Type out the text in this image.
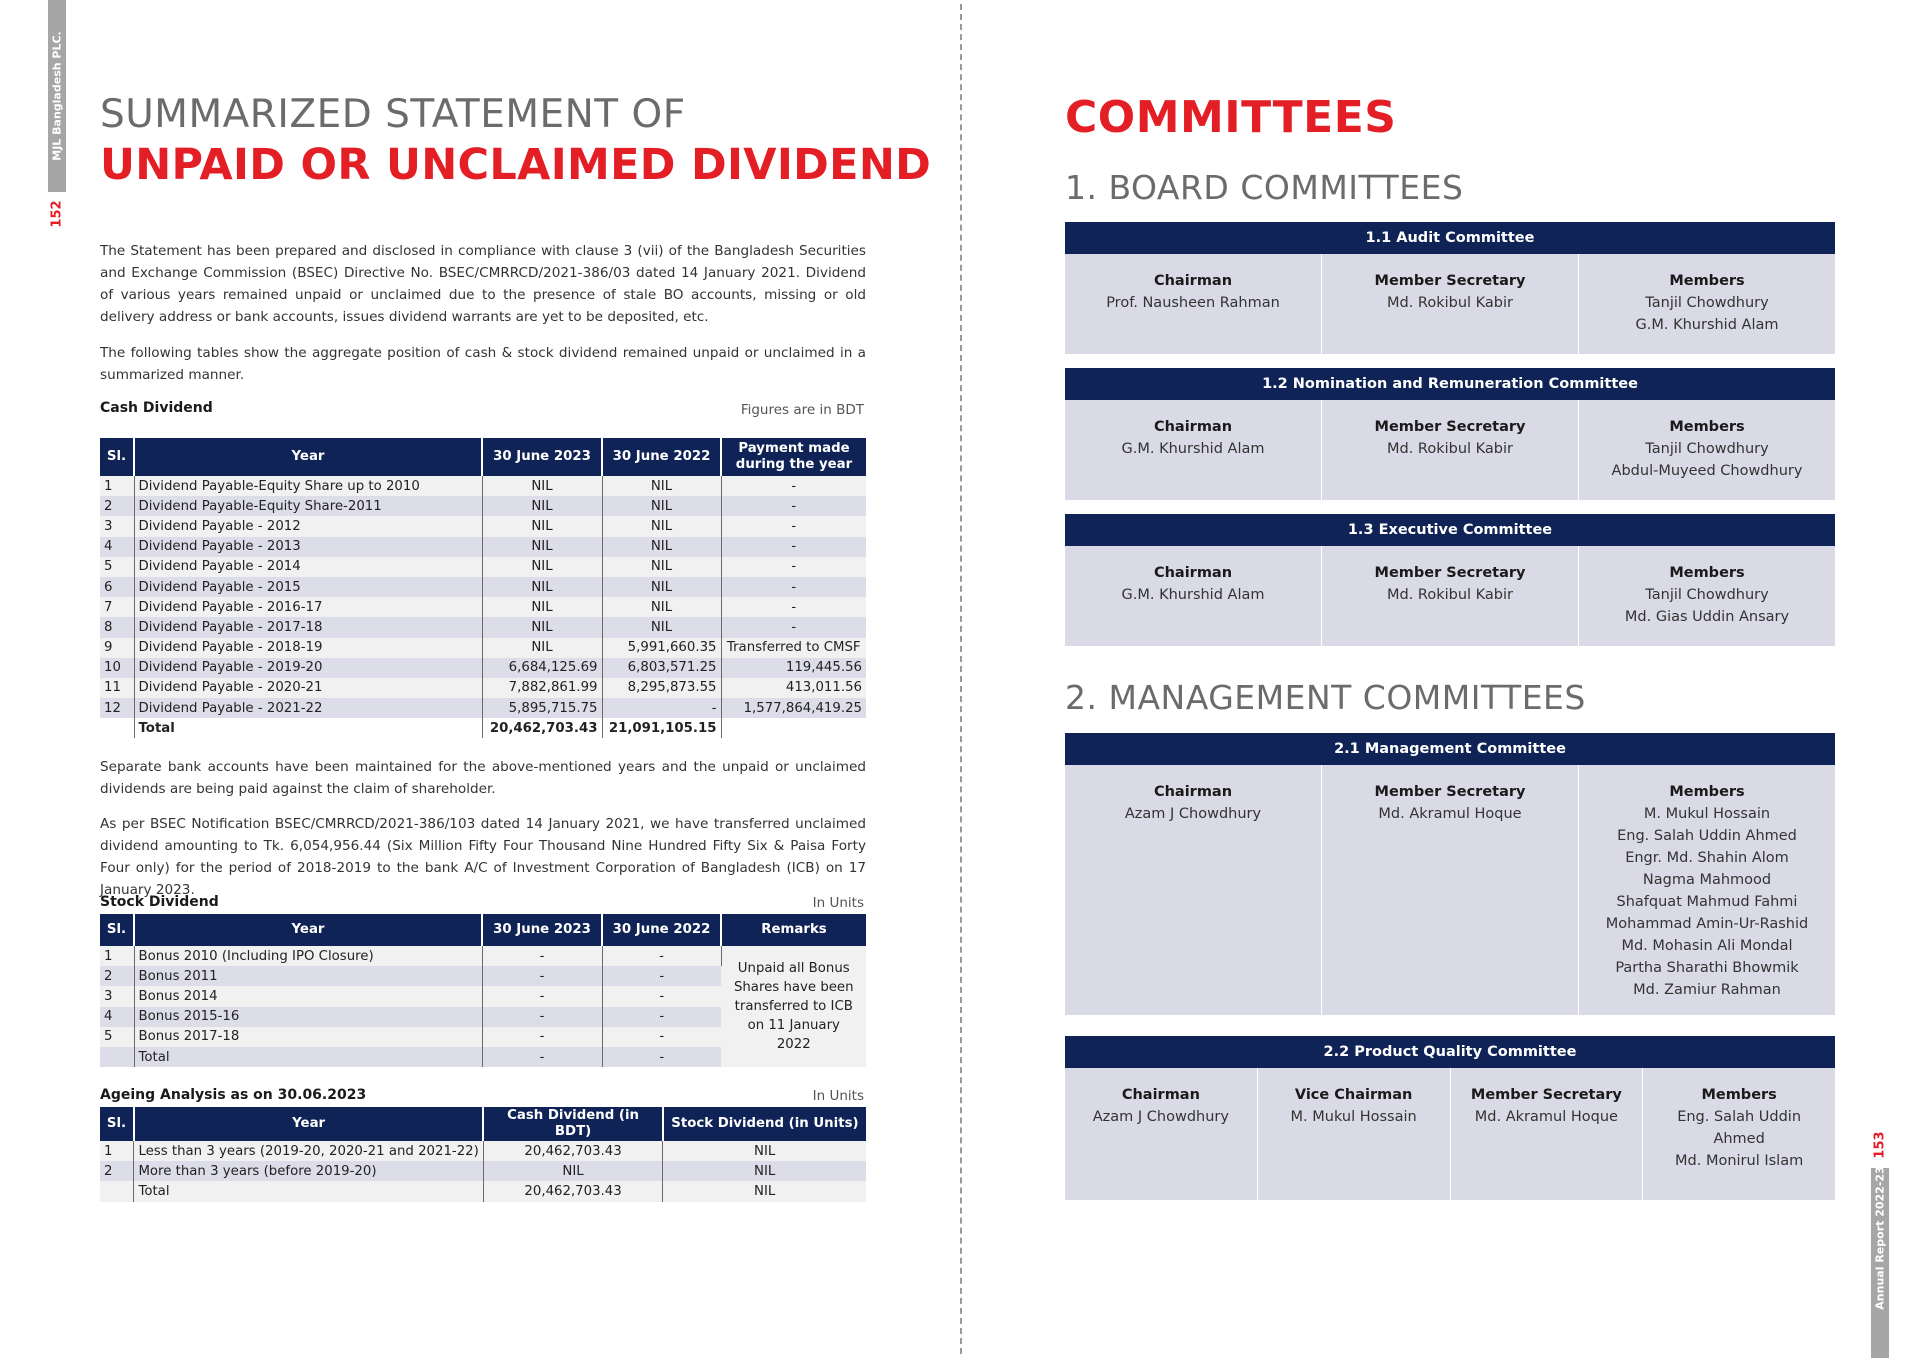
MJL Bangladesh PLC.
152
SUMMARIZED STATEMENT OF
UNPAID OR UNCLAIMED DIVIDEND
The Statement has been prepared and disclosed in compliance with clause 3 (vii) of the Bangladesh Securities and Exchange Commission (BSEC) Directive No. BSEC/CMRRCD/2021-386/03 dated 14 January 2021. Dividend of various years remained unpaid or unclaimed due to the presence of stale BO accounts, missing or old delivery address or bank accounts, issues dividend warrants are yet to be deposited, etc.
The following tables show the aggregate position of cash & stock dividend remained unpaid or unclaimed in a summarized manner.
Cash Dividend	Figures are in BDT
Sl.	Year	30 June 2023	30 June 2022	Payment made during the year
1	Dividend Payable-Equity Share up to 2010	NIL	NIL	-
2	Dividend Payable-Equity Share-2011	NIL	NIL	-
3	Dividend Payable - 2012	NIL	NIL	-
4	Dividend Payable - 2013	NIL	NIL	-
5	Dividend Payable - 2014	NIL	NIL	-
6	Dividend Payable - 2015	NIL	NIL	-
7	Dividend Payable - 2016-17	NIL	NIL	-
8	Dividend Payable - 2017-18	NIL	NIL	-
9	Dividend Payable - 2018-19	NIL	5,991,660.35	Transferred to CMSF
10	Dividend Payable - 2019-20	6,684,125.69	6,803,571.25	119,445.56
11	Dividend Payable - 2020-21	7,882,861.99	8,295,873.55	413,011.56
12	Dividend Payable - 2021-22	5,895,715.75	-	1,577,864,419.25
	Total	20,462,703.43	21,091,105.15	
Separate bank accounts have been maintained for the above-mentioned years and the unpaid or unclaimed dividends are being paid against the claim of shareholder.
As per BSEC Notification BSEC/CMRRCD/2021-386/103 dated 14 January 2021, we have transferred unclaimed dividend amounting to Tk. 6,054,956.44 (Six Million Fifty Four Thousand Nine Hundred Fifty Six & Paisa Forty Four only) for the period of 2018-2019 to the bank A/C of Investment Corporation of Bangladesh (ICB) on 17 January 2023.
Stock Dividend	In Units
Sl.	Year	30 June 2023	30 June 2022	Remarks
1	Bonus 2010 (Including IPO Closure)	-	-	Unpaid all Bonus Shares have been transferred to ICB on 11 January 2022
2	Bonus 2011	-	-	
3	Bonus 2014	-	-	
4	Bonus 2015-16	-	-	
5	Bonus 2017-18	-	-	
	Total	-	-	
Ageing Analysis as on 30.06.2023	In Units
Sl.	Year	Cash Dividend (in BDT)	Stock Dividend (in Units)
1	Less than 3 years (2019-20, 2020-21 and 2021-22)	20,462,703.43	NIL
2	More than 3 years (before 2019-20)	NIL	NIL
	Total	20,462,703.43	NIL
COMMITTEES
1. BOARD COMMITTEES
2. MANAGEMENT COMMITTEES
1.1 Audit Committee
Chairman
Prof. Nausheen Rahman
Member Secretary
Md. Rokibul Kabir
Members
Tanjil Chowdhury
G.M. Khurshid Alam
1.2 Nomination and Remuneration Committee
Chairman
G.M. Khurshid Alam
Member Secretary
Md. Rokibul Kabir
Members
Tanjil Chowdhury
Abdul-Muyeed Chowdhury
1.3 Executive Committee
Chairman
G.M. Khurshid Alam
Member Secretary
Md. Rokibul Kabir
Members
Tanjil Chowdhury
Md. Gias Uddin Ansary
2.1 Management Committee
Chairman
Azam J Chowdhury
Member Secretary
Md. Akramul Hoque
Members
M. Mukul Hossain
Eng. Salah Uddin Ahmed
Engr. Md. Shahin Alom
Nagma Mahmood
Shafquat Mahmud Fahmi
Mohammad Amin-Ur-Rashid
Md. Mohasin Ali Mondal
Partha Sharathi Bhowmik
Md. Zamiur Rahman
2.2 Product Quality Committee
Chairman
Azam J Chowdhury
Vice Chairman
M. Mukul Hossain
Member Secretary
Md. Akramul Hoque
Members
Eng. Salah Uddin
Ahmed
Md. Monirul Islam
153
Annual Report 2022-23
